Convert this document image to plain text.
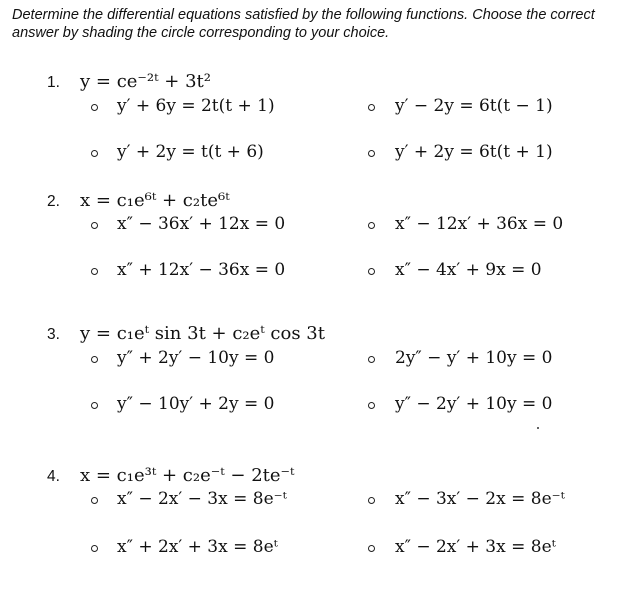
Determine the differential equations satisfied by the following functions. Choose the correct answer by shading the circle corresponding to your choice.

1. y = ce⁻²ᵗ + 3t²
y′ + 6y = 2t(t + 1)	y′ − 2y = 6t(t − 1)
y′ + 2y = t(t + 6)	y′ + 2y = 6t(t + 1)
2. x = c₁e⁶ᵗ + c₂te⁶ᵗ
x″ − 36x′ + 12x = 0	x″ − 12x′ + 36x = 0
x″ + 12x′ − 36x = 0	x″ − 4x′ + 9x = 0
3. y = c₁eᵗ sin 3t + c₂eᵗ cos 3t
y″ + 2y′ − 10y = 0	2y″ − y′ + 10y = 0
y″ − 10y′ + 2y = 0	y″ − 2y′ + 10y = 0
4. x = c₁e³ᵗ + c₂e⁻ᵗ − 2te⁻ᵗ
x″ − 2x′ − 3x = 8e⁻ᵗ	x″ − 3x′ − 2x = 8e⁻ᵗ
x″ + 2x′ + 3x = 8eᵗ	x″ − 2x′ + 3x = 8eᵗ
